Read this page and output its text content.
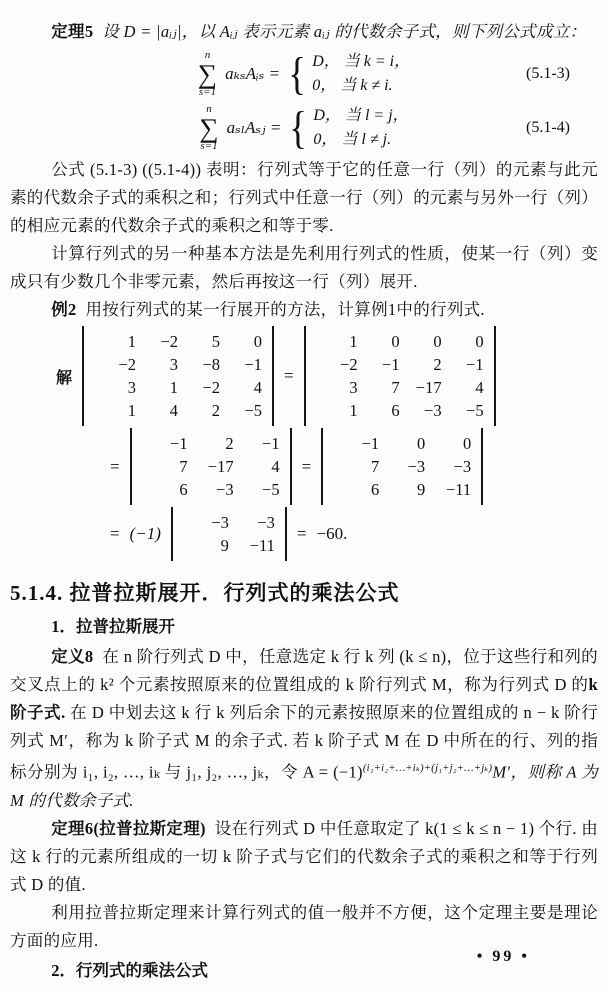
定理5 设 D = |aᵢⱼ|，以 Aᵢⱼ 表示元素 aᵢⱼ 的代数余子式，则下列公式成立：

n
∑
s=1
aₖₛAᵢₛ = { D， 当 k = i，
0， 当 k ≠ i.
(5.1-3)
n
∑
s=1
aₛₗAₛⱼ = { D， 当 l = j，
0， 当 l ≠ j.
(5.1-4)

公式 (5.1-3) ((5.1-4)) 表明：行列式等于它的任意一行（列）的元素与此元素的代数余子式的乘积之和；行列式中任意一行（列）的元素与另外一行（列）的相应元素的代数余子式的乘积之和等于零.

计算行列式的另一种基本方法是先利用行列式的性质，使某一行（列）变成只有少数几个非零元素，然后再按这一行（列）展开.

例2 用按行列式的某一行展开的方法，计算例1中的行列式.

解
1	−2	5	0
−2	3	−8	−1
3	1	−2	4
1	4	2	−5
=
1	0	0	0
−2	−1	2	−1
3	7 −17	4
1	6	−3	−5
=
−1	2	−1
7	−17	4
6	−3	−5
=
−1	0	0
7	−3	−3
6	9	−11
= (−1)
−3	−3
9	−11
= −60.
5.1.4. 拉普拉斯展开．行列式的乘法公式

1．拉普拉斯展开

定义8 在 n 阶行列式 D 中，任意选定 k 行 k 列 (k ≤ n)，位于这些行和列的交叉点上的 k² 个元素按照原来的位置组成的 k 阶行列式 M，称为行列式 D 的k 阶子式. 在 D 中划去这 k 行 k 列后余下的元素按照原来的位置组成的 n − k 阶行列式 M′，称为 k 阶子式 M 的余子式. 若 k 阶子式 M 在 D 中所在的行、列的指标分别为 i₁, i₂, …, iₖ 与 j₁, j₂, …, jₖ，令 $A = (-1)^{(i_1+i_2+\dots+i_k)+(j_1+j_2+\dots+j_k)}M'$，则称 A 为 M 的代数余子式.

定理6(拉普拉斯定理) 设在行列式 D 中任意取定了 k(1 ≤ k ≤ n − 1) 个行. 由这 k 行的元素所组成的一切 k 阶子式与它们的代数余子式的乘积之和等于行列式 D 的值.

利用拉普拉斯定理来计算行列式的值一般并不方便，这个定理主要是理论方面的应用.

2．行列式的乘法公式

• 99 •
